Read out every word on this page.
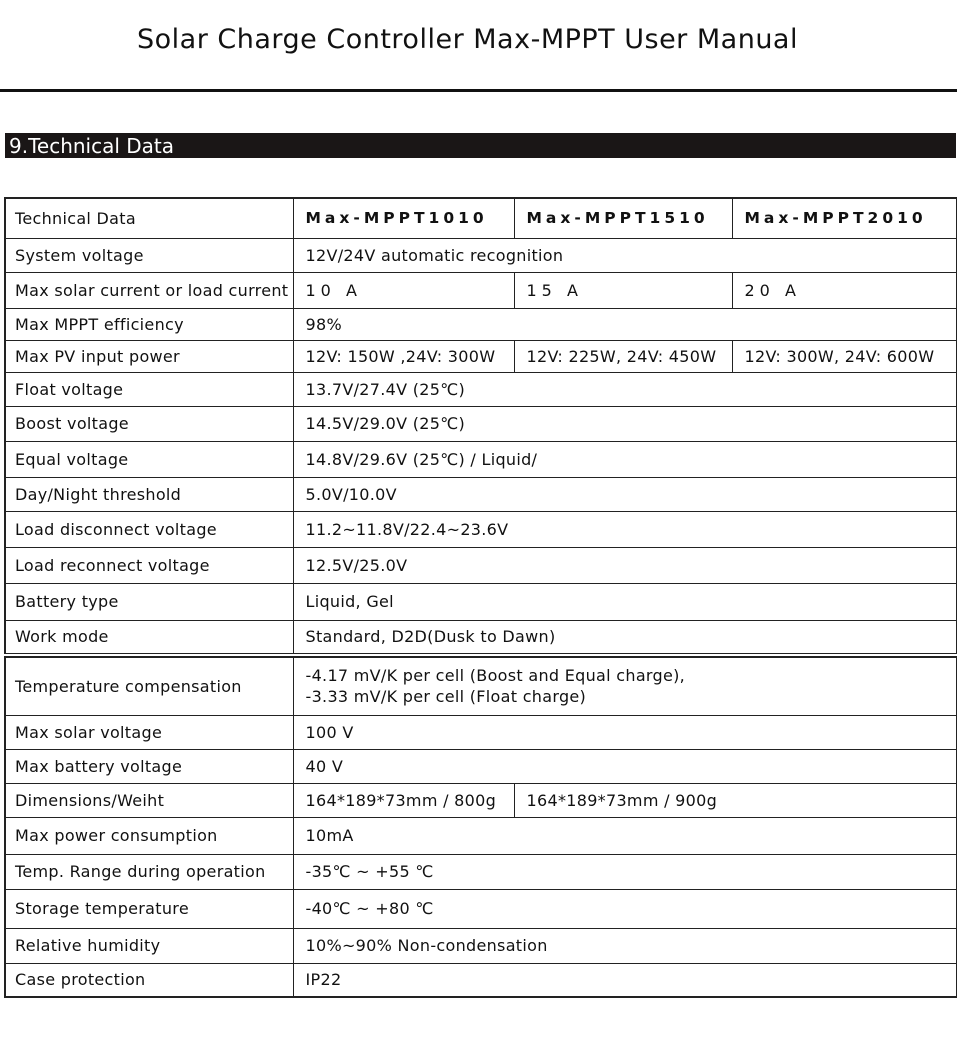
Solar Charge Controller Max-MPPT User Manual
9.Technical Data
Technical Data	Max-MPPT1010	Max-MPPT1510	Max-MPPT2010
System voltage	12V/24V automatic recognition		
Max solar current or load current	10 A	15 A	20 A
Max MPPT efficiency	98%		
Max PV input power	12V: 150W ,24V: 300W	12V: 225W, 24V: 450W	12V: 300W, 24V: 600W
Float voltage	13.7V/27.4V (25℃)		
Boost voltage	14.5V/29.0V (25℃)		
Equal voltage	14.8V/29.6V (25℃) / Liquid/		
Day/Night threshold	5.0V/10.0V		
Load disconnect voltage	11.2~11.8V/22.4~23.6V		
Load reconnect voltage	12.5V/25.0V		
Battery type	Liquid, Gel		
Work mode	Standard, D2D(Dusk to Dawn)		
Temperature compensation	-4.17 mV/K per cell (Boost and Equal charge),
-3.33 mV/K per cell (Float charge)	

Max solar voltage	100 V	
Max battery voltage	40 V	
Dimensions/Weiht	164*189*73mm / 800g	164*189*73mm / 900g
Max power consumption	10mA	
Temp. Range during operation	-35℃ ~ +55 ℃	
Storage temperature	-40℃ ~ +80 ℃	
Relative humidity	10%~90% Non-condensation	
Case protection	IP22	
